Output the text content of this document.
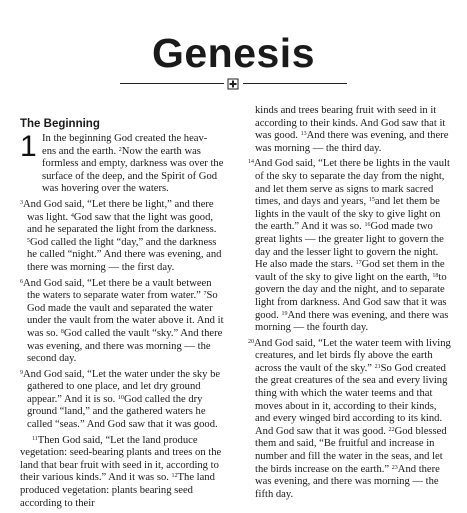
Genesis
The Beginning
1 In the beginning God created the heav-
ens and the earth. $^2$Now the earth was formless and empty, darkness was over the surface of the deep, and the Spirit of God was hovering over the waters.

$^3$And God said, “Let there be light,” and there was light. $^4$God saw that the light was good, and he separated the light from the darkness. $^5$God called the light “day,” and the darkness he called “night.” And there was evening, and there was morning — the first day.

$^6$And God said, “Let there be a vault between the waters to separate water from water.” $^7$So God made the vault and separated the water under the vault from the water above it. And it was so. $^8$God called the vault “sky.” And there was evening, and there was morning — the second day.

$^9$And God said, “Let the water under the sky be gathered to one place, and let dry ground appear.” And it is so. $^{10}$God called the dry ground “land,” and the gathered waters he called “seas.” And God saw that it was good.

$^{11}$Then God said, “Let the land produce vegetation: seed-bearing plants and trees on the land that bear fruit with seed in it, according to their various kinds.” And it was so. $^{12}$The land produced vegetation: plants bearing seed according to their

kinds and trees bearing fruit with seed in it according to their kinds. And God saw that it was good. $^{13}$And there was evening, and there was morning — the third day.

$^{14}$And God said, “Let there be lights in the vault of the sky to separate the day from the night, and let them serve as signs to mark sacred times, and days and years, $^{15}$and let them be lights in the vault of the sky to give light on the earth.” And it was so. $^{16}$God made two great lights — the greater light to govern the day and the lesser light to govern the night. He also made the stars. $^{17}$God set them in the vault of the sky to give light on the earth, $^{18}$to govern the day and the night, and to separate light from darkness. And God saw that it was good. $^{19}$And there was evening, and there was morning — the fourth day.

$^{20}$And God said, “Let the water teem with living creatures, and let birds fly above the earth across the vault of the sky.” $^{21}$So God created the great creatures of the sea and every living thing with which the water teems and that moves about in it, according to their kinds, and every winged bird according to its kind. And God saw that it was good. $^{22}$God blessed them and said, “Be fruitful and increase in number and fill the water in the seas, and let the birds increase on the earth.” $^{23}$And there was evening, and there was morning — the fifth day.
